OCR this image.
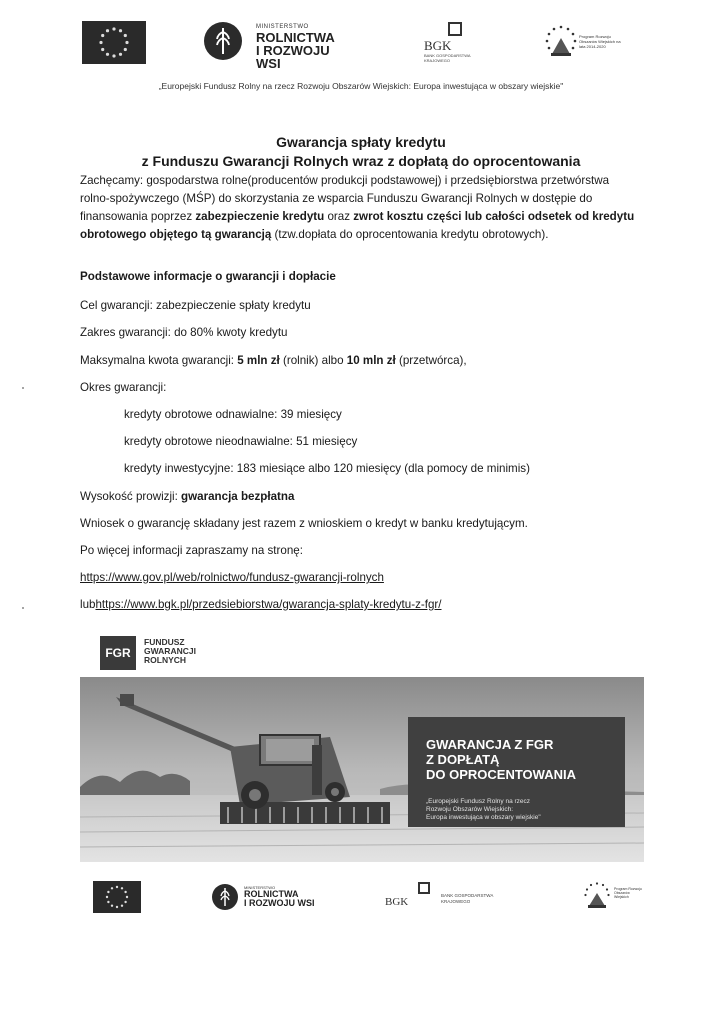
MINISTERSTWO
ROLNICTWA
I ROZWOJU WSI
BGK
BANK GOSPODARSTWA KRAJOWEGO
Program Rozwoju Obszarów Wiejskich na lata 2014-2020
„Europejski Fundusz Rolny na rzecz Rozwoju Obszarów Wiejskich: Europa inwestująca w obszary wiejskie"
Gwarancja spłaty kredytu
z Funduszu Gwarancji Rolnych wraz z dopłatą do oprocentowania
Zachęcamy: gospodarstwa rolne(producentów produkcji podstawowej) i przedsiębiorstwa przetwórstwa rolno-spożywczego (MŚP) do skorzystania ze wsparcia Funduszu Gwarancji Rolnych w dostępie do finansowania poprzez zabezpieczenie kredytu oraz zwrot kosztu części lub całości odsetek od kredytu obrotowego objętego tą gwarancją (tzw.dopłata do oprocentowania kredytu obrotowych).
Podstawowe informacje o gwarancji i dopłacie
Cel gwarancji: zabezpieczenie spłaty kredytu
Zakres gwarancji: do 80% kwoty kredytu
Maksymalna kwota gwarancji: 5 mln zł (rolnik) albo 10 mln zł (przetwórca),
Okres gwarancji:
kredyty obrotowe odnawialne: 39 miesięcy
kredyty obrotowe nieodnawialne: 51 miesięcy
kredyty inwestycyjne: 183 miesiące albo 120 miesięcy (dla pomocy de minimis)
Wysokość prowizji: gwarancja bezpłatna
Wniosek o gwarancję składany jest razem z wnioskiem o kredyt w banku kredytującym.
Po więcej informacji zapraszamy na stronę:
https://www.gov.pl/web/rolnictwo/fundusz-gwarancji-rolnych
lubhttps://www.bgk.pl/przedsiebiorstwa/gwarancja-splaty-kredytu-z-fgr/
FGR
FUNDUSZ
GWARANCJI
ROLNYCH
GWARANCJA Z FGR
Z DOPŁATĄ
DO OPROCENTOWANIA
„Europejski Fundusz Rolny na rzecz
Rozwoju Obszarów Wiejskich:
Europa inwestująca w obszary wiejskie"
MINISTERSTWO
ROLNICTWA
I ROZWOJU WSI	BGK
BANK GOSPODARSTWA KRAJOWEGO
Program Rozwoju Obszarów Wiejskich
